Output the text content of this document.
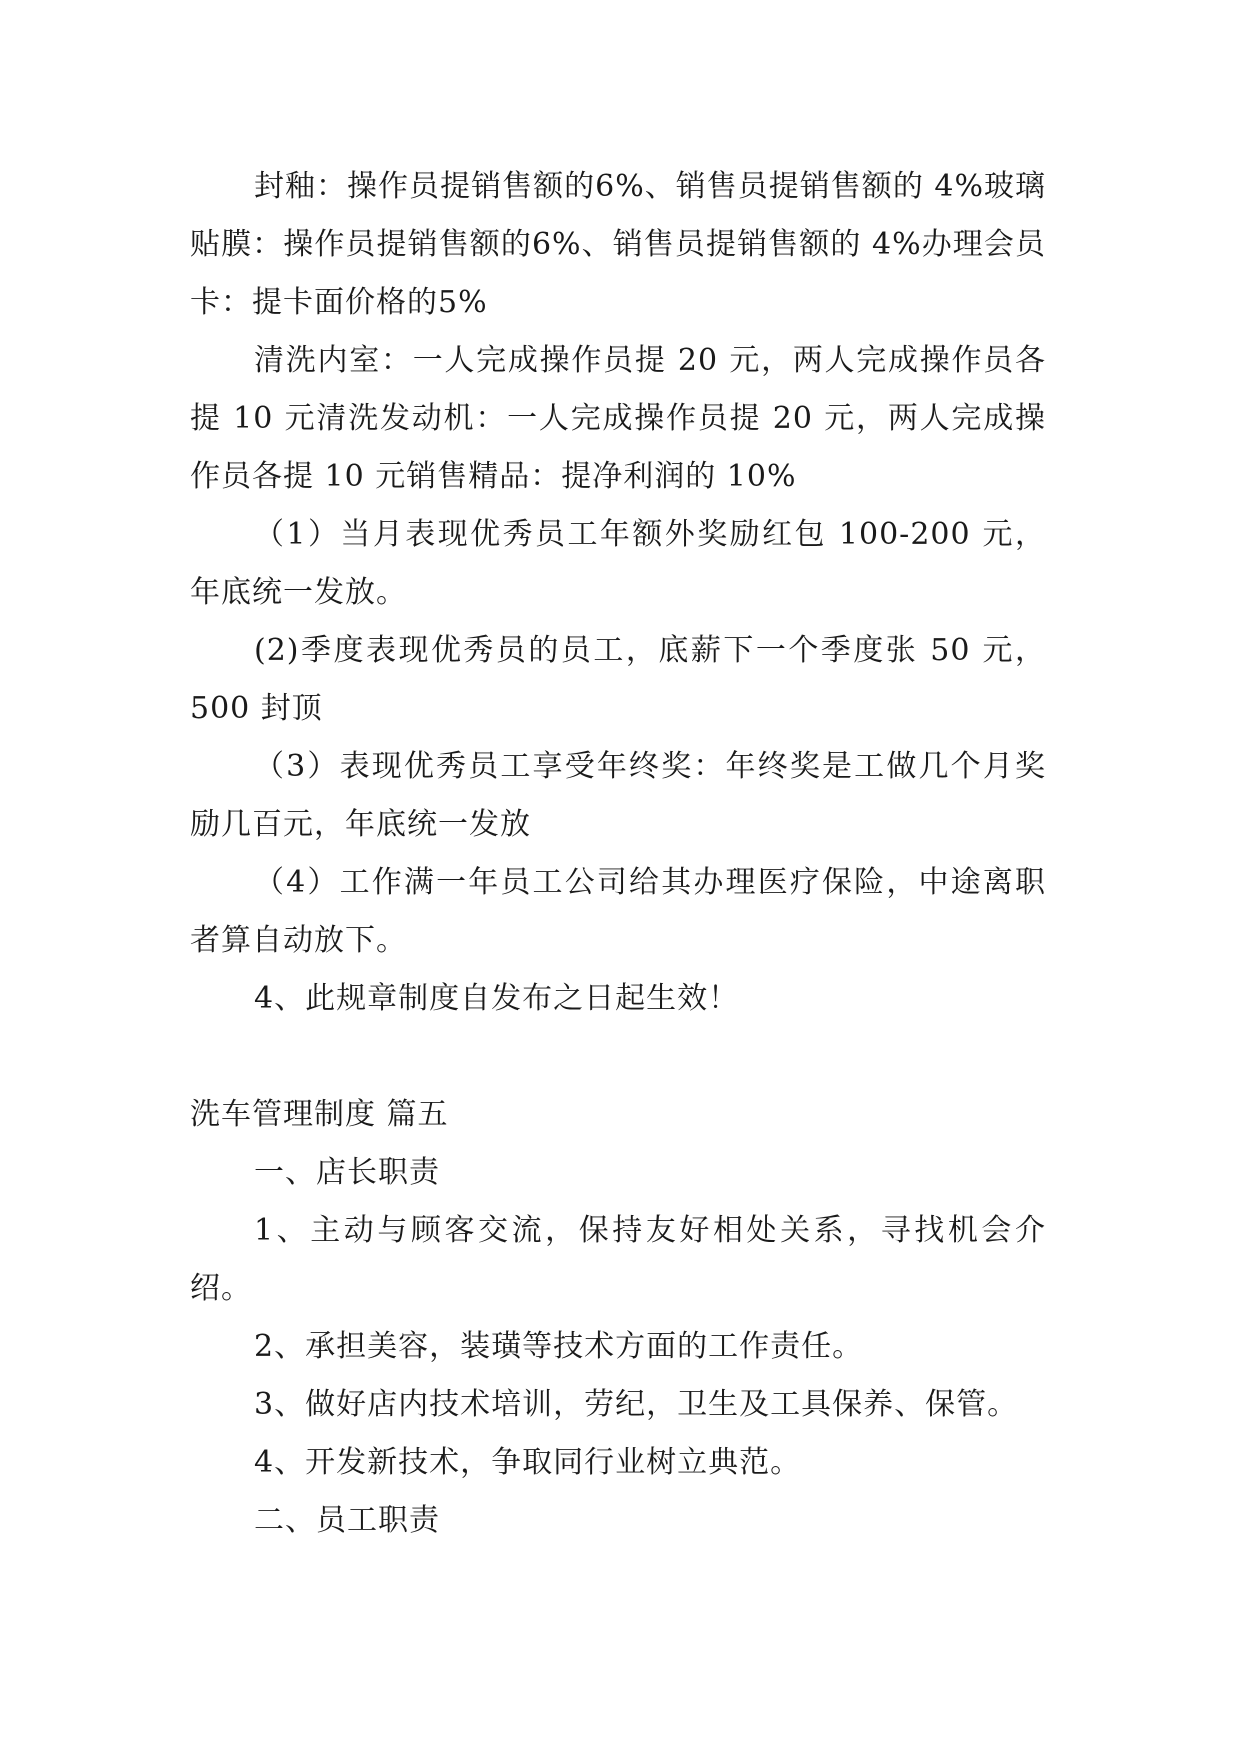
封釉：操作员提销售额的6%、销售员提销售额的 4%玻璃贴膜：操作员提销售额的6%、销售员提销售额的 4%办理会员卡：提卡面价格的5%

清洗内室：一人完成操作员提 20 元，两人完成操作员各提 10 元清洗发动机：一人完成操作员提 20 元，两人完成操作员各提 10 元销售精品：提净利润的 10%

（1）当月表现优秀员工年额外奖励红包 100-200 元，年底统一发放。

(2)季度表现优秀员的员工，底薪下一个季度张 50 元，500 封顶

（3）表现优秀员工享受年终奖：年终奖是工做几个月奖励几百元，年底统一发放

（4）工作满一年员工公司给其办理医疗保险，中途离职者算自动放下。

4、此规章制度自发布之日起生效！

洗车管理制度 篇五

一、店长职责

1、主动与顾客交流，保持友好相处关系，寻找机会介绍。

2、承担美容，装璜等技术方面的工作责任。

3、做好店内技术培训，劳纪，卫生及工具保养、保管。

4、开发新技术，争取同行业树立典范。

二、员工职责
